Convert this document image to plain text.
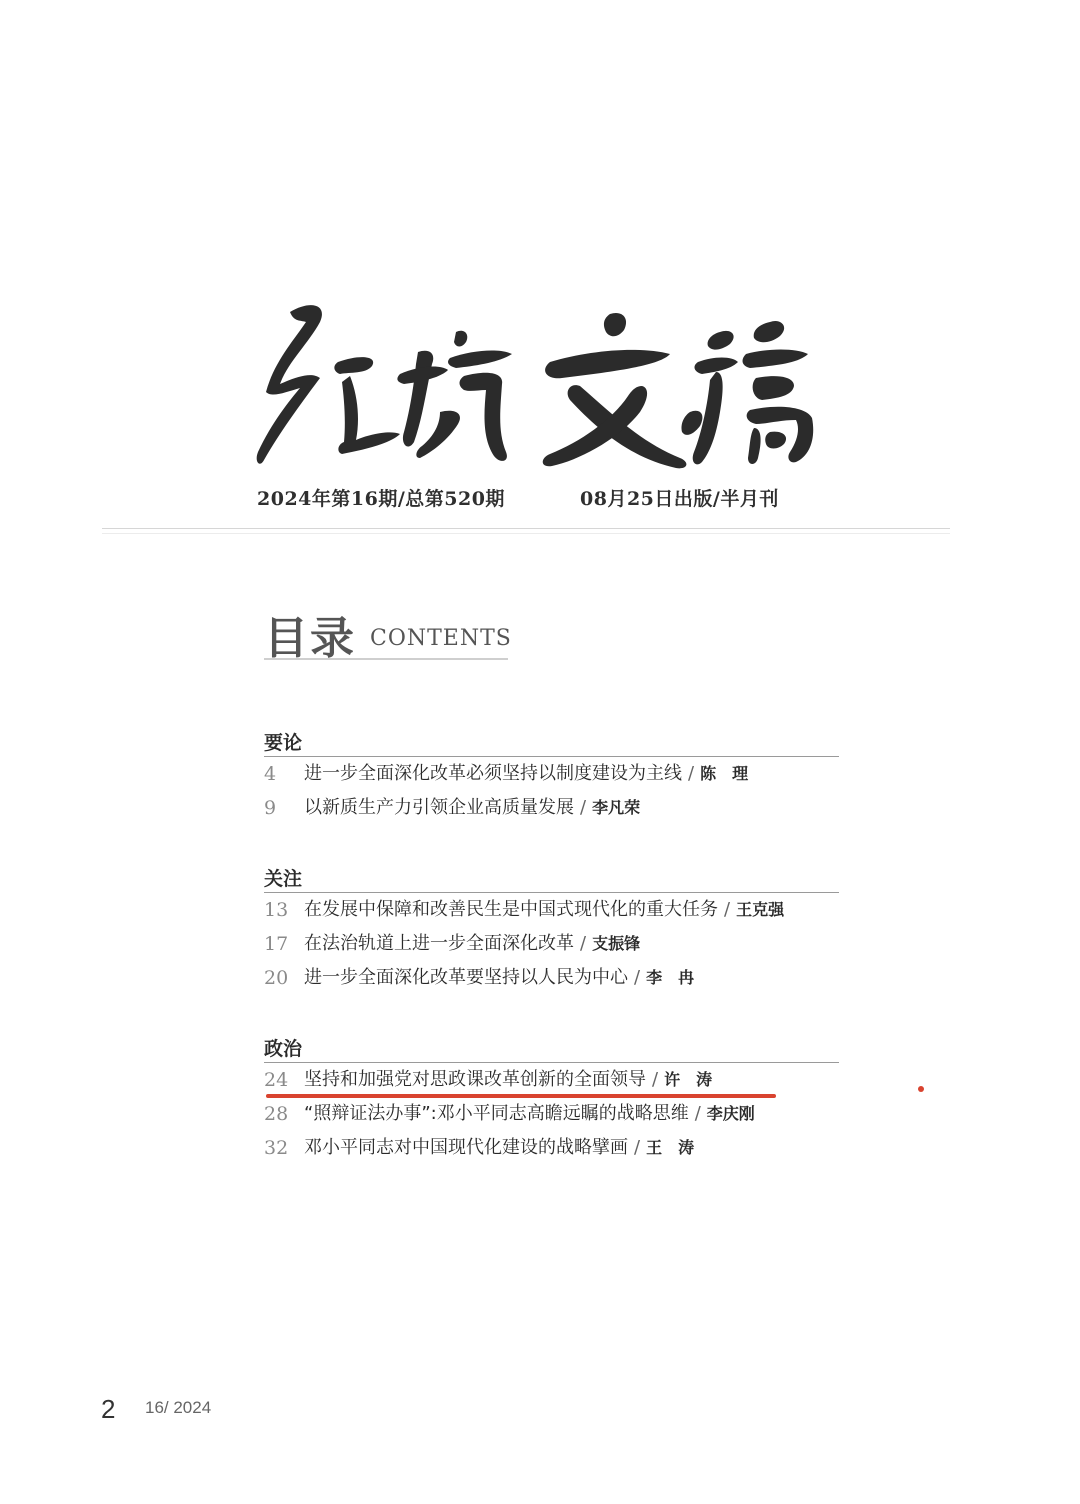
2024年第16期/总第520期	08月25日出版/半月刊
目录 CONTENTS
要论
4 进一步全面深化改革必须坚持以制度建设为主线 / 陈　理
9 以新质生产力引领企业高质量发展 / 李凡荣
关注
13 在发展中保障和改善民生是中国式现代化的重大任务 / 王克强
17 在法治轨道上进一步全面深化改革 / 支振锋
20 进一步全面深化改革要坚持以人民为中心 / 李　冉
政治
24 坚持和加强党对思政课改革创新的全面领导 / 许　涛
28 “照辩证法办事”:邓小平同志高瞻远瞩的战略思维 / 李庆刚
32 邓小平同志对中国现代化建设的战略擘画 / 王　涛
2 16/ 2024
